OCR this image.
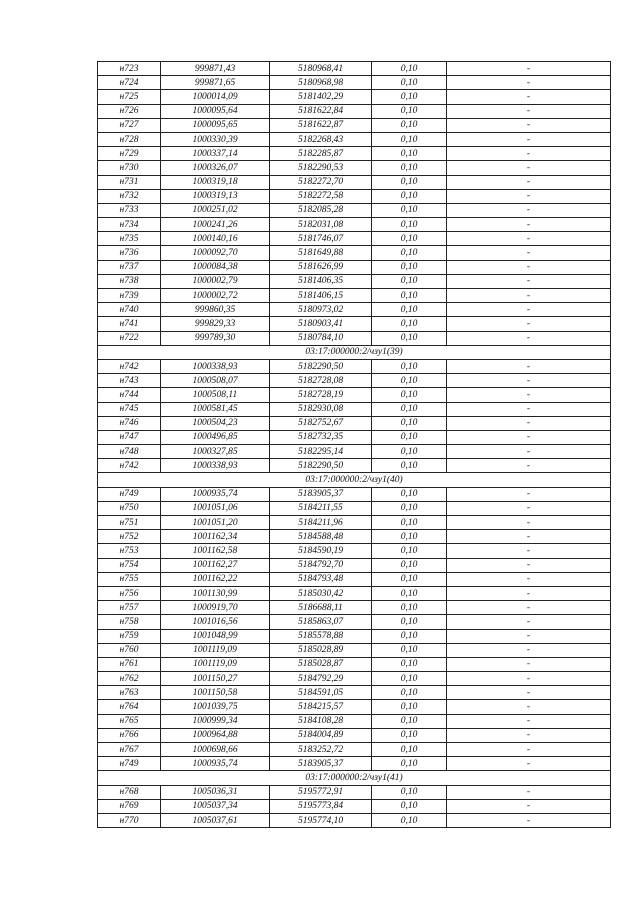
н723	999871,43	5180968,41	0,10	-
н724	999871,65	5180968,98	0,10	-
н725	1000014,09	5181402,29	0,10	-
н726	1000095,64	5181622,84	0,10	-
н727	1000095,65	5181622,87	0,10	-
н728	1000330,39	5182268,43	0,10	-
н729	1000337,14	5182285,87	0,10	-
н730	1000326,07	5182290,53	0,10	-
н731	1000319,18	5182272,70	0,10	-
н732	1000319,13	5182272,58	0,10	-
н733	1000251,02	5182085,28	0,10	-
н734	1000241,26	5182031,08	0,10	-
н735	1000140,16	5181746,07	0,10	-
н736	1000092,70	5181649,88	0,10	-
н737	1000084,38	5181626,99	0,10	-
н738	1000002,79	5181406,35	0,10	-
н739	1000002,72	5181406,15	0,10	-
н740	999860,35	5180973,02	0,10	-
н741	999829,33	5180903,41	0,10	-
н722	999789,30	5180784,10	0,10	-
03:17:000000:2/чзу1(39)				
н742	1000338,93	5182290,50	0,10	-
н743	1000508,07	5182728,08	0,10	-
н744	1000508,11	5182728,19	0,10	-
н745	1000581,45	5182930,08	0,10	-
н746	1000504,23	5182752,67	0,10	-
н747	1000496,85	5182732,35	0,10	-
н748	1000327,85	5182295,14	0,10	-
н742	1000338,93	5182290,50	0,10	-
03:17:000000:2/чзу1(40)				
н749	1000935,74	5183905,37	0,10	-
н750	1001051,06	5184211,55	0,10	-
н751	1001051,20	5184211,96	0,10	-
н752	1001162,34	5184588,48	0,10	-
н753	1001162,58	5184590,19	0,10	-
н754	1001162,27	5184792,70	0,10	-
н755	1001162,22	5184793,48	0,10	-
н756	1001130,99	5185030,42	0,10	-
н757	1000919,70	5186688,11	0,10	-
н758	1001016,56	5185863,07	0,10	-
н759	1001048,99	5185578,88	0,10	-
н760	1001119,09	5185028,89	0,10	-
н761	1001119,09	5185028,87	0,10	-
н762	1001150,27	5184792,29	0,10	-
н763	1001150,58	5184591,05	0,10	-
н764	1001039,75	5184215,57	0,10	-
н765	1000999,34	5184108,28	0,10	-
н766	1000964,88	5184004,89	0,10	-
н767	1000698,66	5183252,72	0,10	-
н749	1000935,74	5183905,37	0,10	-
03:17:000000:2/чзу1(41)				
н768	1005036,31	5195772,91	0,10	-
н769	1005037,34	5195773,84	0,10	-
н770	1005037,61	5195774,10	0,10	-
